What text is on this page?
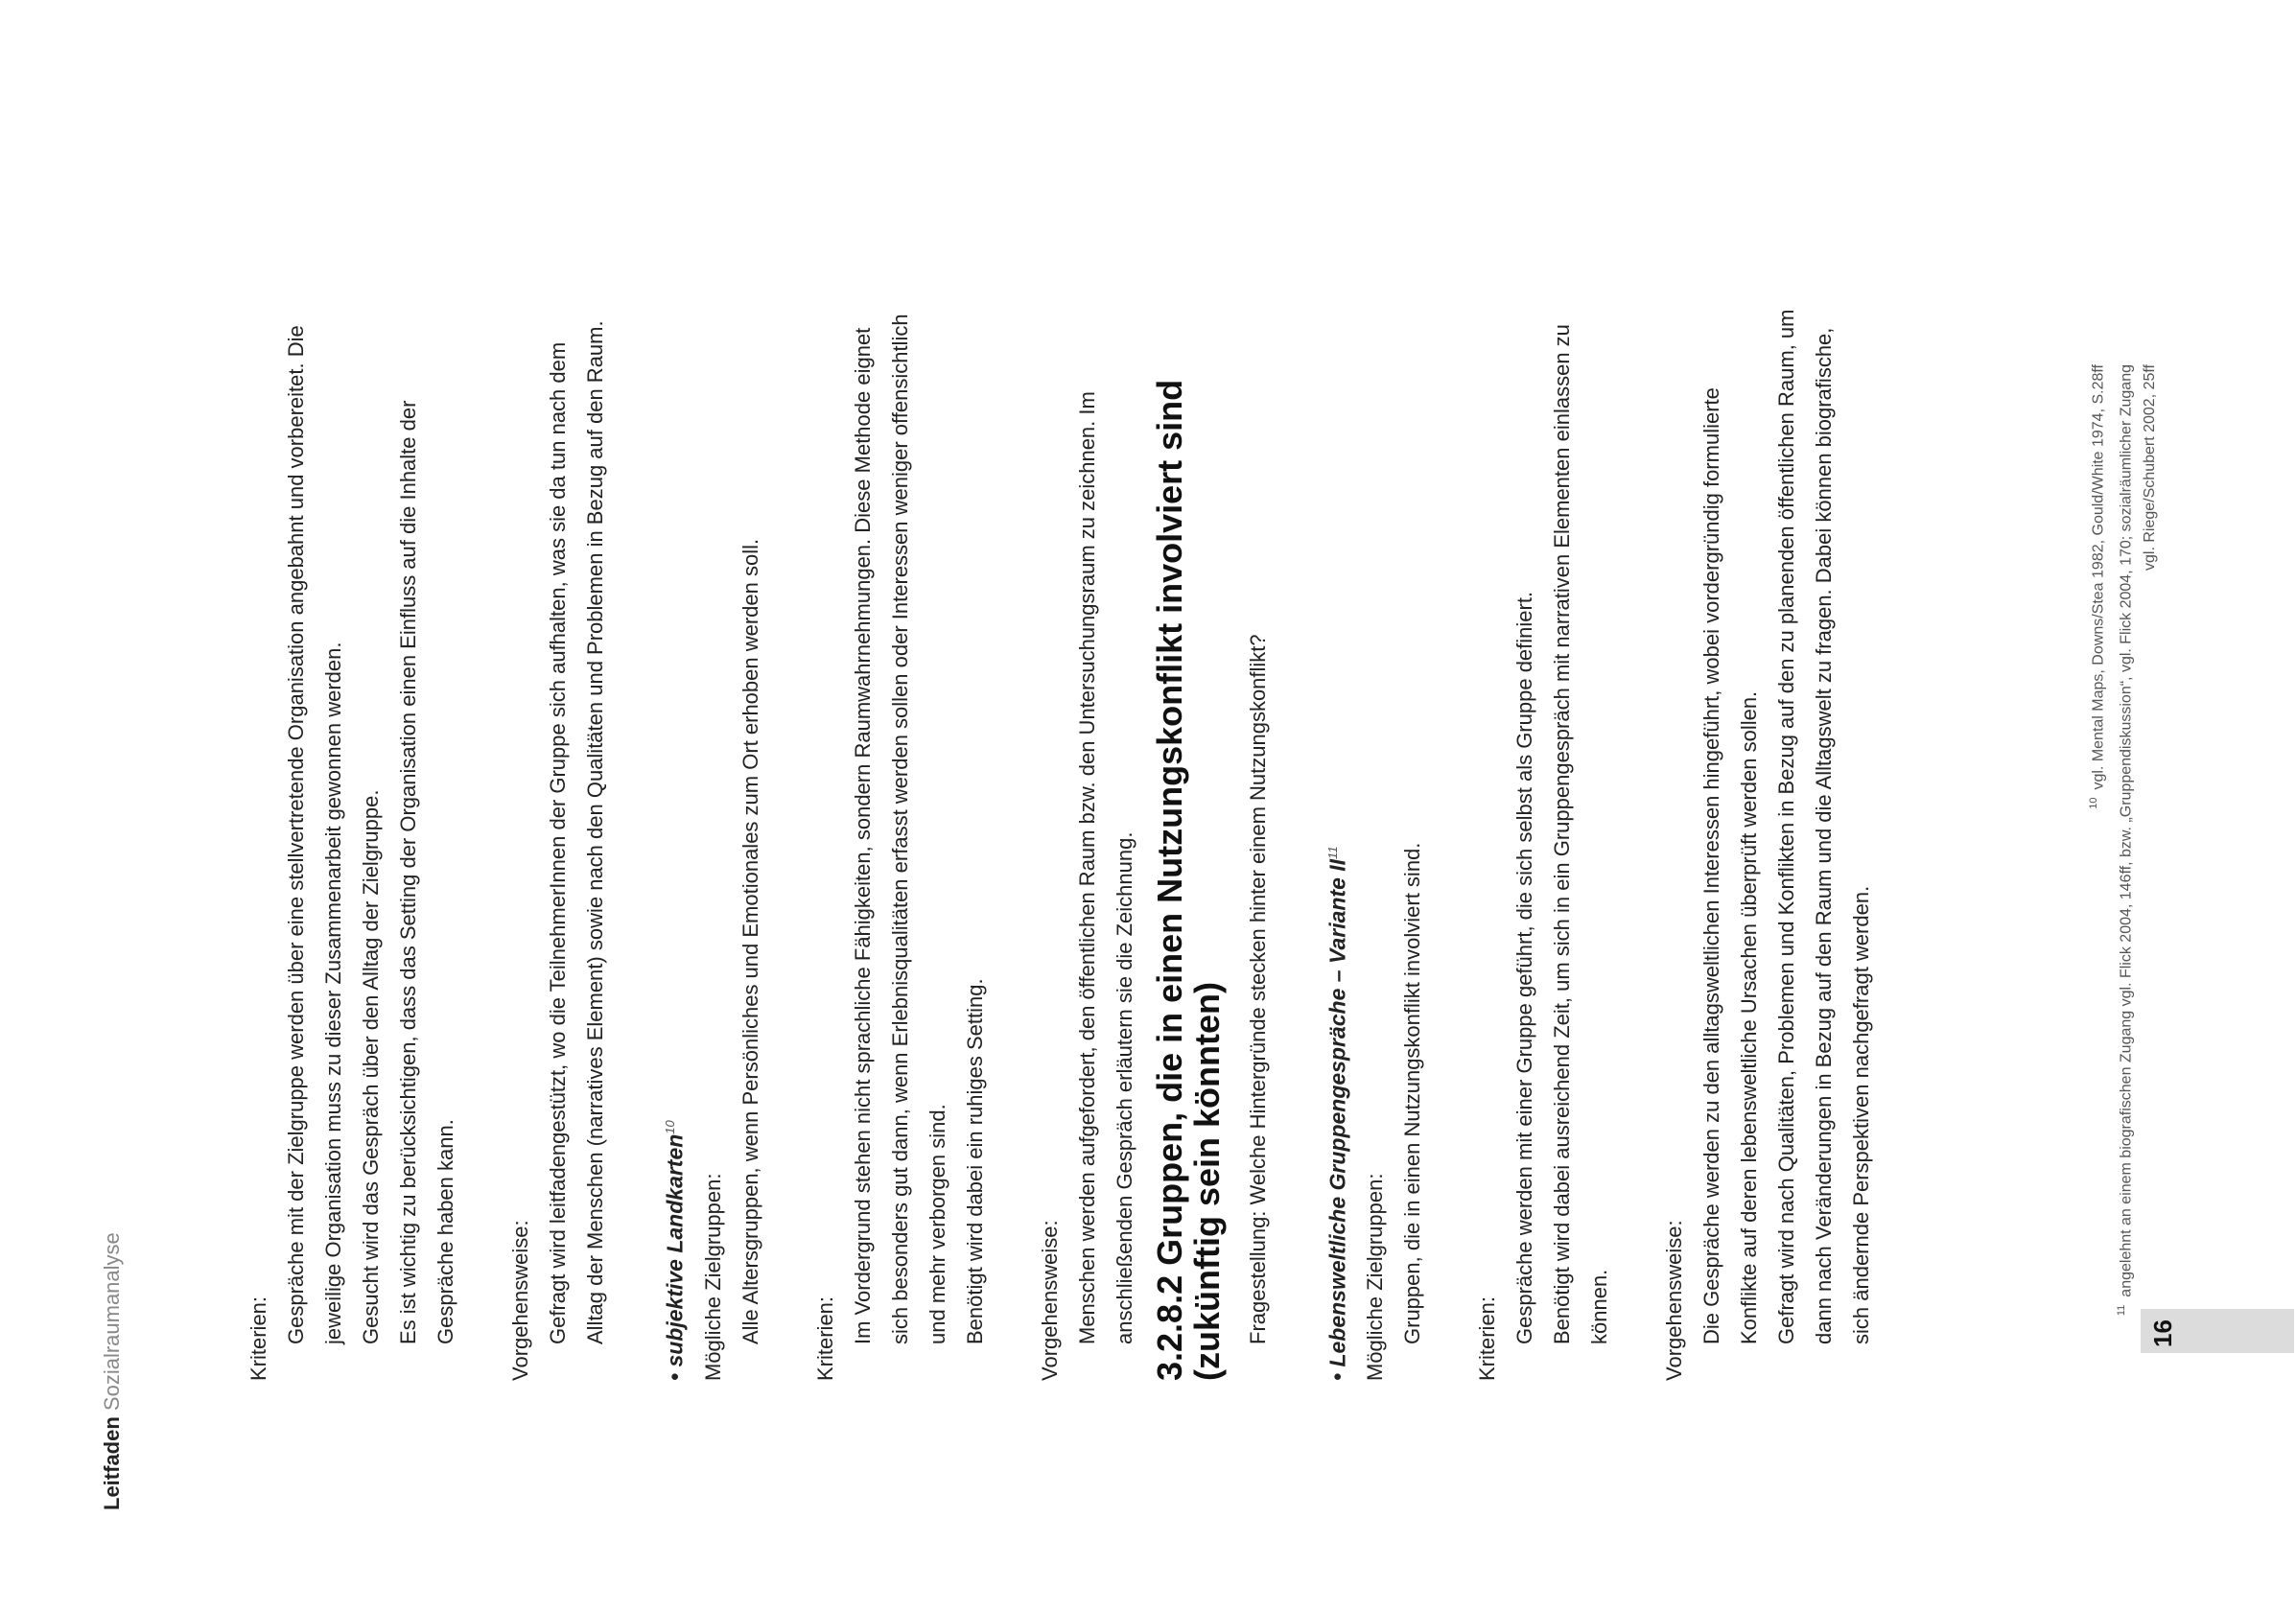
Leitfaden Sozialraumanalyse	Kriterien: Gespräche mit der Zielgruppe werden über eine stellvertretende Organisation angebahnt und vorbereitet. Die jeweilige Organisation muss zu dieser Zusammenarbeit gewonnen werden. Gesucht wird das Gespräch über den Alltag der Zielgruppe. Es ist wichtig zu berücksichtigen, dass das Setting der Organisation einen Einfluss auf die Inhalte der Gespräche haben kann.	Vorgehensweise: Gefragt wird leitfadengestützt, wo die TeilnehmerInnen der Gruppe sich aufhalten, was sie da tun nach dem Alltag der Menschen (narratives Element) sowie nach den Qualitäten und Problemen in Bezug auf den Raum.

• subjektive Landkarten$^{10}$

Mögliche Zielgruppen: Alle Altersgruppen, wenn Persönliches und Emotionales zum Ort erhoben werden soll.	Kriterien: Im Vordergrund stehen nicht sprachliche Fähigkeiten, sondern Raumwahrnehmungen. Diese Methode eignet sich besonders gut dann, wenn Erlebnisqualitäten erfasst werden sollen oder Interessen weniger offensichtlich und mehr verborgen sind. Benötigt wird dabei ein ruhiges Setting.	Vorgehensweise: Menschen werden aufgefordert, den öffentlichen Raum bzw. den Untersuchungsraum zu zeichnen. Im anschließenden Gespräch erläutern sie die Zeichnung. 3.2.8.2 Gruppen, die in einen Nutzungskonflikt involviert sind (zukünftig sein könnten) Fragestellung: Welche Hintergründe stecken hinter einem Nutzungskonflikt?

• Lebensweltliche Gruppengespräche – Variante II$^{11}$

Mögliche Zielgruppen: Gruppen, die in einen Nutzungskonflikt involviert sind.	Kriterien: Gespräche werden mit einer Gruppe geführt, die sich selbst als Gruppe definiert. Benötigt wird dabei ausreichend Zeit, um sich in ein Gruppengespräch mit narrativen Elementen einlassen zu können.	Vorgehensweise: Die Gespräche werden zu den alltagsweltlichen Interessen hingeführt, wobei vordergründig formulierte Konflikte auf deren lebensweltliche Ursachen überprüft werden sollen. Gefragt wird nach Qualitäten, Problemen und Konflikten in Bezug auf den zu planenden öffentlichen Raum, um dann nach Veränderungen in Bezug auf den Raum und die Alltagswelt zu fragen. Dabei können biografische, sich ändernde Perspektiven nachgefragt werden.

$^{10}$vgl. Mental Maps, Downs/Stea 1982, Gould/White 1974, S.28ff
$^{11}$angelehnt an einem biografischen Zugang vgl. Flick 2004, 146ff, bzw. „Gruppendiskussion“, vgl. Flick 2004, 170; sozialräumlicher Zugang vgl. Riege/Schubert 2002, 25ff
16
